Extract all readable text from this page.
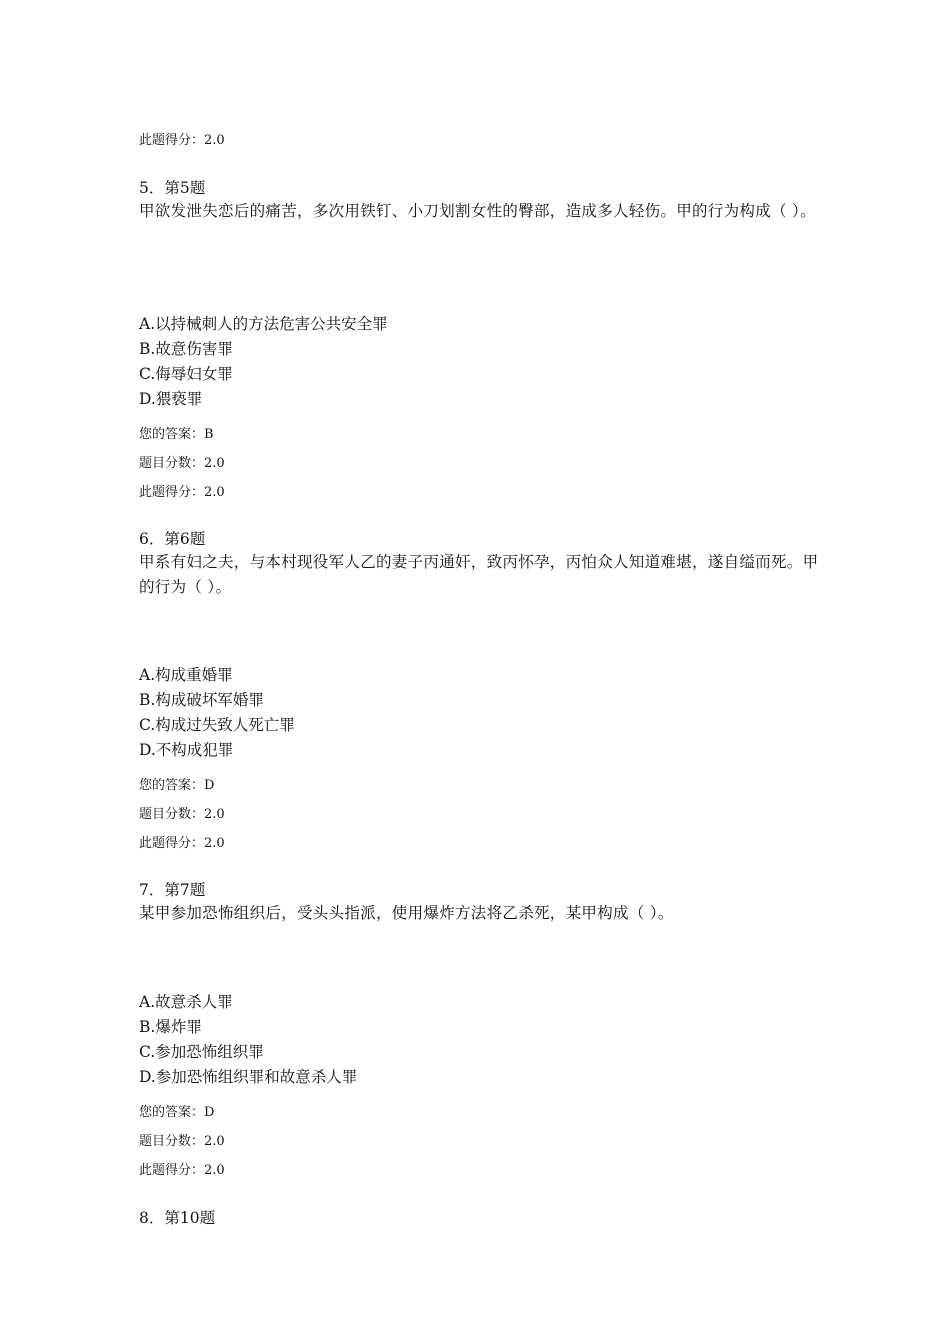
此题得分：2.0
5．第5题
甲欲发泄失恋后的痛苦，多次用铁钉、小刀划割女性的臀部，造成多人轻伤。甲的行为构成（ ）。
A.以持械刺人的方法危害公共安全罪
B.故意伤害罪
C.侮辱妇女罪
D.猥亵罪
您的答案：B
题目分数：2.0
此题得分：2.0
6．第6题
甲系有妇之夫，与本村现役军人乙的妻子丙通奸，致丙怀孕，丙怕众人知道难堪，遂自缢而死。甲的行为（ ）。
A.构成重婚罪
B.构成破坏军婚罪
C.构成过失致人死亡罪
D.不构成犯罪
您的答案：D
题目分数：2.0
此题得分：2.0
7．第7题
某甲参加恐怖组织后，受头头指派，使用爆炸方法将乙杀死，某甲构成（ ）。
A.故意杀人罪
B.爆炸罪
C.参加恐怖组织罪
D.参加恐怖组织罪和故意杀人罪
您的答案：D
题目分数：2.0
此题得分：2.0
8．第10题
